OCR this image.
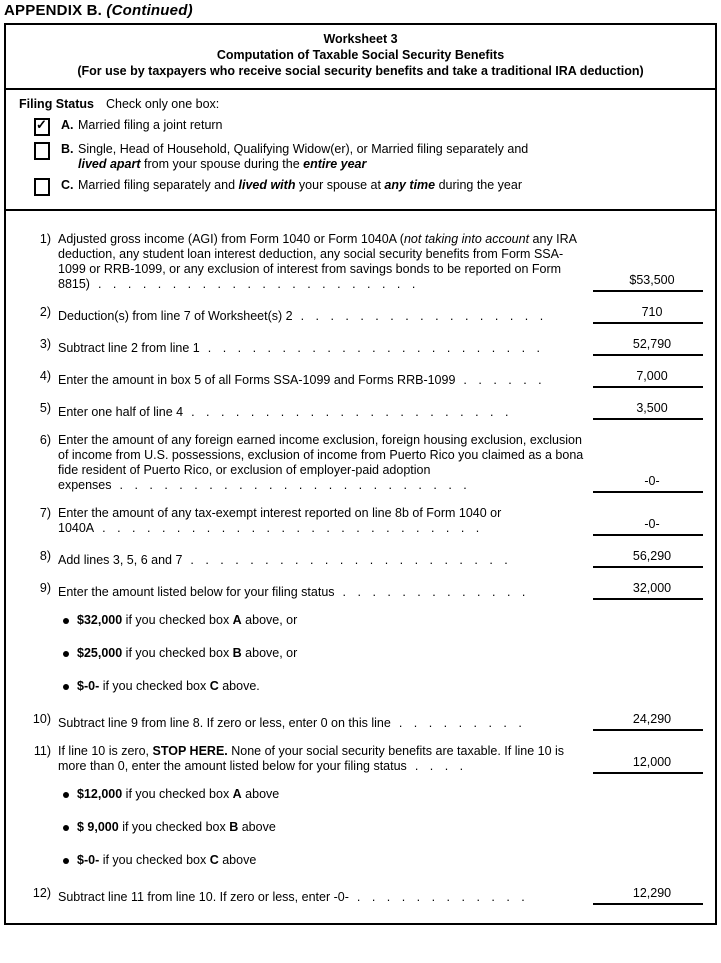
APPENDIX B. (Continued)
Worksheet 3
Computation of Taxable Social Security Benefits
(For use by taxpayers who receive social security benefits and take a traditional IRA deduction)
Filing Status Check only one box:
✓ A. Married filing a joint return
B. Single, Head of Household, Qualifying Widow(er), or Married filing separately and
lived apart from your spouse during the entire year
C. Married filing separately and lived with your spouse at any time during the year
1) Adjusted gross income (AGI) from Form 1040 or Form 1040A (not taking into account any IRA deduction, any student loan interest deduction, any social security benefits from Form SSA-1099 or RRB-1099, or any exclusion of interest from savings bonds to be reported on Form 8815) . . . . . . . . . . . . . . . . . . . . . .	$53,500
2) Deduction(s) from line 7 of Worksheet(s) 2 . . . . . . . . . . . . . . . . .	710
3) Subtract line 2 from line 1 . . . . . . . . . . . . . . . . . . . . . . .	52,790
4) Enter the amount in box 5 of all Forms SSA-1099 and Forms RRB-1099 . . . . . .	7,000
5) Enter one half of line 4 . . . . . . . . . . . . . . . . . . . . . .	3,500
6) Enter the amount of any foreign earned income exclusion, foreign housing exclusion, exclusion of income from U.S. possessions, exclusion of income from Puerto Rico you claimed as a bona fide resident of Puerto Rico, or exclusion of employer-paid adoption expenses . . . . . . . . . . . . . . . . . . . . . . . .	-0-
7) Enter the amount of any tax-exempt interest reported on line 8b of Form 1040 or 1040A . . . . . . . . . . . . . . . . . . . . . . . . . .	-0-
8) Add lines 3, 5, 6 and 7 . . . . . . . . . . . . . . . . . . . . . .	56,290
9) Enter the amount listed below for your filing status . . . . . . . . . . . . .	32,000
$32,000 if you checked box A above, or
$25,000 if you checked box B above, or
$-0- if you checked box C above.
10) Subtract line 9 from line 8. If zero or less, enter 0 on this line . . . . . . . . .	24,290
11) If line 10 is zero, STOP HERE. None of your social security benefits are taxable. If line 10 is more than 0, enter the amount listed below for your filing status . . . .	12,000
$12,000 if you checked box A above
$ 9,000 if you checked box B above
$-0- if you checked box C above
12) Subtract line 11 from line 10. If zero or less, enter -0- . . . . . . . . . . . .	12,290
